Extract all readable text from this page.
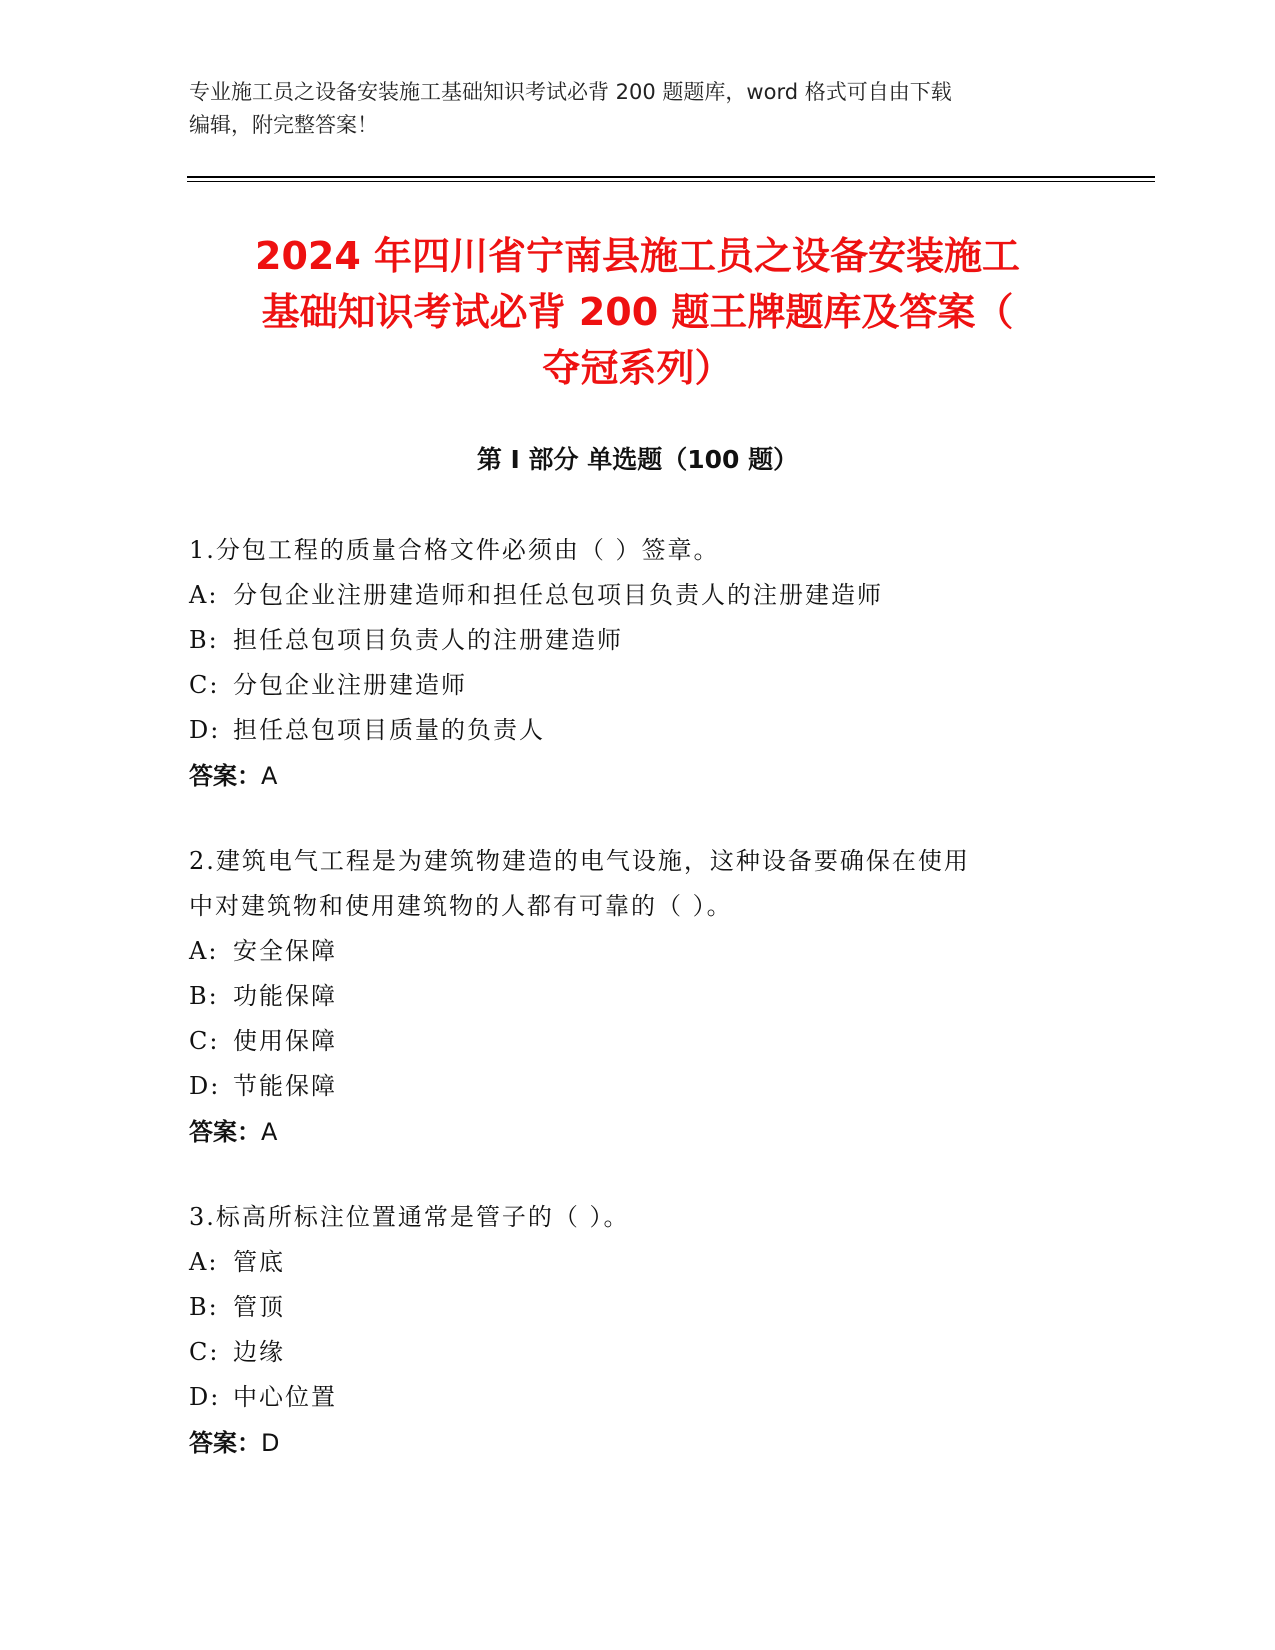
专业施工员之设备安装施工基础知识考试必背 200 题题库，word 格式可自由下载
编辑，附完整答案！
2024 年四川省宁南县施工员之设备安装施工
基础知识考试必背 200 题王牌题库及答案（
夺冠系列）
第 I 部分 单选题（100 题）
1.分包工程的质量合格文件必须由（ ）签章。
A: 分包企业注册建造师和担任总包项目负责人的注册建造师
B: 担任总包项目负责人的注册建造师
C: 分包企业注册建造师
D: 担任总包项目质量的负责人
答案：A
2.建筑电气工程是为建筑物建造的电气设施，这种设备要确保在使用
中对建筑物和使用建筑物的人都有可靠的（ ）。
A: 安全保障
B: 功能保障
C: 使用保障
D: 节能保障
答案：A
3.标高所标注位置通常是管子的（ ）。
A: 管底
B: 管顶
C: 边缘
D: 中心位置
答案：D
